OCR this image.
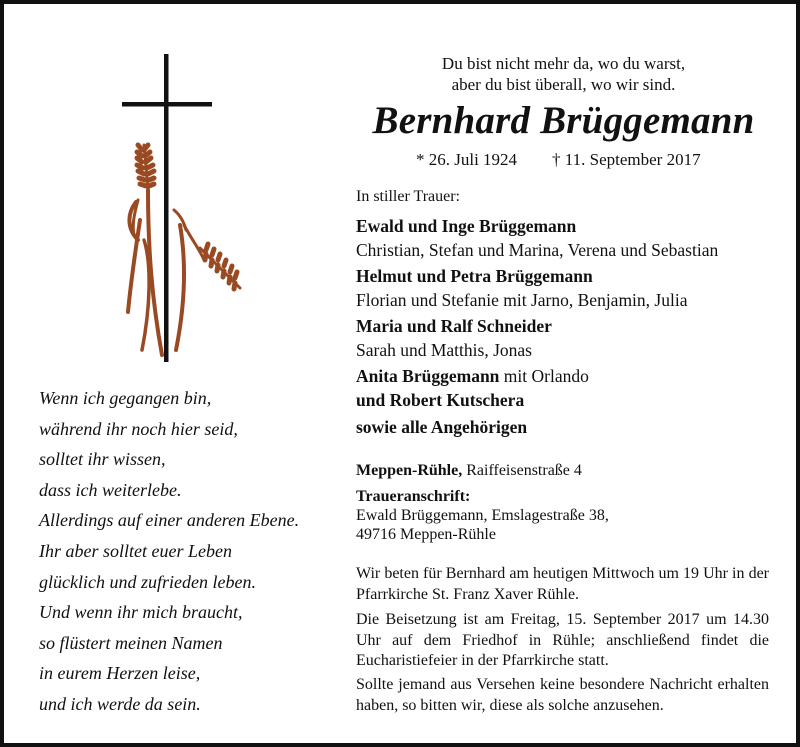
Wenn ich gegangen bin,
während ihr noch hier seid,
solltet ihr wissen,
dass ich weiterlebe.
Allerdings auf einer anderen Ebene.
Ihr aber solltet euer Leben
glücklich und zufrieden leben.
Und wenn ihr mich braucht,
so flüstert meinen Namen
in eurem Herzen leise,
und ich werde da sein.
Du bist nicht mehr da, wo du warst,
aber du bist überall, wo wir sind.
Bernhard Brüggemann
* 26. Juli 1924 † 11. September 2017
In stiller Trauer:
Ewald und Inge Brüggemann
Christian, Stefan und Marina, Verena und Sebastian
Helmut und Petra Brüggemann
Florian und Stefanie mit Jarno, Benjamin, Julia
Maria und Ralf Schneider
Sarah und Matthis, Jonas
Anita Brüggemann mit Orlando
und Robert Kutschera
sowie alle Angehörigen
Meppen-Rühle, Raiffeisenstraße 4
Traueranschrift:
Ewald Brüggemann, Emslagestraße 38,
49716 Meppen-Rühle
Wir beten für Bernhard am heutigen Mittwoch um 19 Uhr in der Pfarrkirche St. Franz Xaver Rühle.
Die Beisetzung ist am Freitag, 15. September 2017 um 14.30 Uhr auf dem Friedhof in Rühle; anschließend findet die Eucharistiefeier in der Pfarrkirche statt.
Sollte jemand aus Versehen keine besondere Nachricht erhalten haben, so bitten wir, diese als solche anzusehen.
